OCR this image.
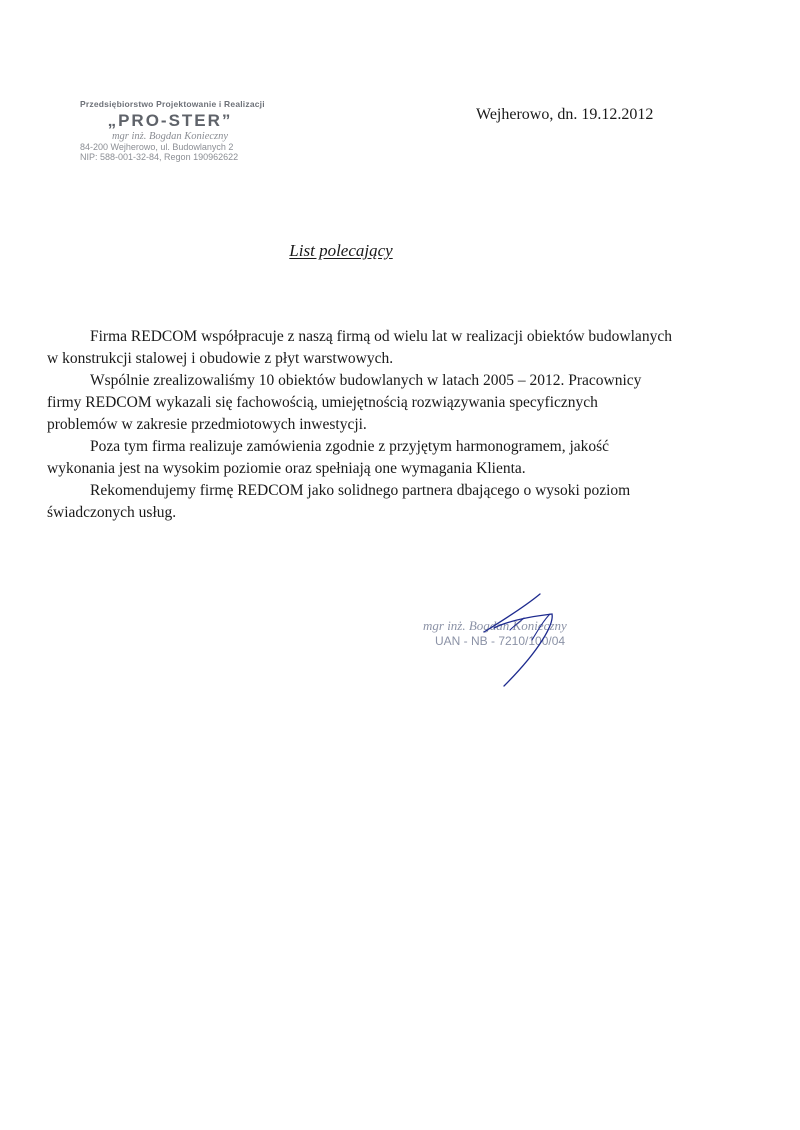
Przedsiębiorstwo Projektowanie i Realizacji
„PRO-STER”
mgr inż. Bogdan Konieczny
84-200 Wejherowo, ul. Budowlanych 2
NIP: 588-001-32-84, Regon 190962622
Wejherowo, dn. 19.12.2012
List polecający

Firma REDCOM współpracuje z naszą firmą od wielu lat w realizacji obiektów budowlanych w konstrukcji stalowej i obudowie z płyt warstwowych.

Wspólnie zrealizowaliśmy 10 obiektów budowlanych w latach 2005 – 2012. Pracownicy firmy REDCOM wykazali się fachowością, umiejętnością rozwiązywania specyficznych problemów w zakresie przedmiotowych inwestycji.

Poza tym firma realizuje zamówienia zgodnie z przyjętym harmonogramem, jakość wykonania jest na wysokim poziomie oraz spełniają one wymagania Klienta.

Rekomendujemy firmę REDCOM jako solidnego partnera dbającego o wysoki poziom świadczonych usług.

mgr inż. Bogdan Konieczny
UAN - NB - 7210/100/04
